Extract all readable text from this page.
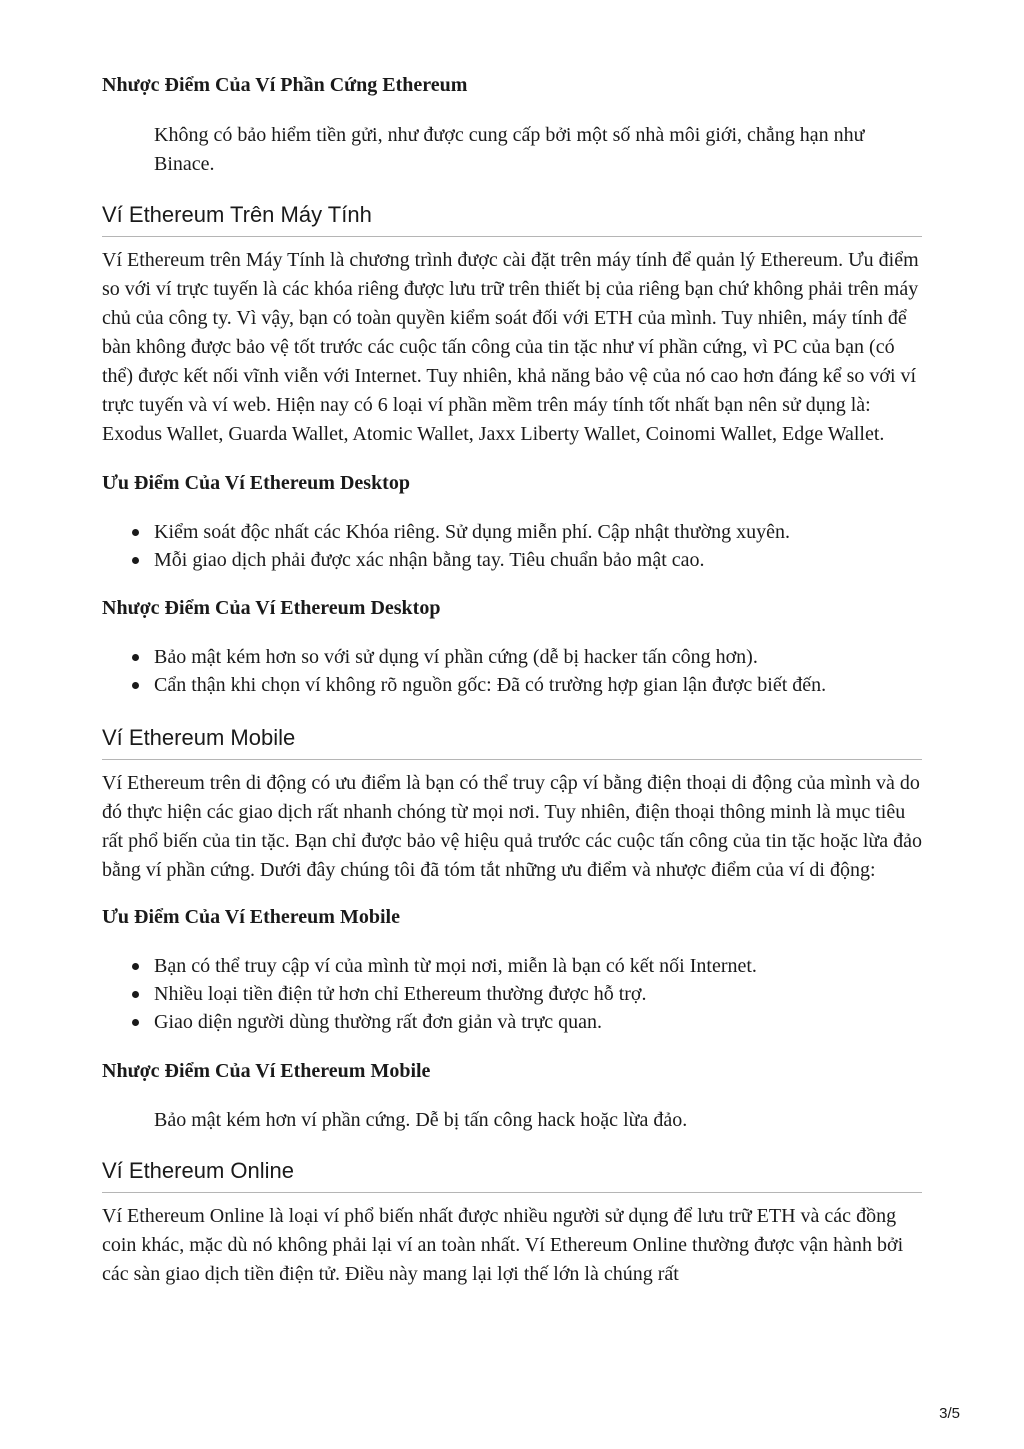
Nhược Điểm Của Ví Phần Cứng Ethereum

Không có bảo hiểm tiền gửi, như được cung cấp bởi một số nhà môi giới, chẳng hạn như Binace.

Ví Ethereum Trên Máy Tính

Ví Ethereum trên Máy Tính là chương trình được cài đặt trên máy tính để quản lý Ethereum. Ưu điểm so với ví trực tuyến là các khóa riêng được lưu trữ trên thiết bị của riêng bạn chứ không phải trên máy chủ của công ty. Vì vậy, bạn có toàn quyền kiểm soát đối với ETH của mình. Tuy nhiên, máy tính để bàn không được bảo vệ tốt trước các cuộc tấn công của tin tặc như ví phần cứng, vì PC của bạn (có thể) được kết nối vĩnh viễn với Internet. Tuy nhiên, khả năng bảo vệ của nó cao hơn đáng kể so với ví trực tuyến và ví web. Hiện nay có 6 loại ví phần mềm trên máy tính tốt nhất bạn nên sử dụng là: Exodus Wallet, Guarda Wallet, Atomic Wallet, Jaxx Liberty Wallet, Coinomi Wallet, Edge Wallet.

Ưu Điểm Của Ví Ethereum Desktop
Kiểm soát độc nhất các Khóa riêng. Sử dụng miễn phí. Cập nhật thường xuyên.
Mỗi giao dịch phải được xác nhận bằng tay. Tiêu chuẩn bảo mật cao.
Nhược Điểm Của Ví Ethereum Desktop
Bảo mật kém hơn so với sử dụng ví phần cứng (dễ bị hacker tấn công hơn).
Cẩn thận khi chọn ví không rõ nguồn gốc: Đã có trường hợp gian lận được biết đến.
Ví Ethereum Mobile

Ví Ethereum trên di động có ưu điểm là bạn có thể truy cập ví bằng điện thoại di động của mình và do đó thực hiện các giao dịch rất nhanh chóng từ mọi nơi. Tuy nhiên, điện thoại thông minh là mục tiêu rất phổ biến của tin tặc. Bạn chỉ được bảo vệ hiệu quả trước các cuộc tấn công của tin tặc hoặc lừa đảo bằng ví phần cứng. Dưới đây chúng tôi đã tóm tắt những ưu điểm và nhược điểm của ví di động:

Ưu Điểm Của Ví Ethereum Mobile
Bạn có thể truy cập ví của mình từ mọi nơi, miễn là bạn có kết nối Internet.
Nhiều loại tiền điện tử hơn chỉ Ethereum thường được hỗ trợ.
Giao diện người dùng thường rất đơn giản và trực quan.
Nhược Điểm Của Ví Ethereum Mobile

Bảo mật kém hơn ví phần cứng. Dễ bị tấn công hack hoặc lừa đảo.

Ví Ethereum Online

Ví Ethereum Online là loại ví phổ biến nhất được nhiều người sử dụng để lưu trữ ETH và các đồng coin khác, mặc dù nó không phải lại ví an toàn nhất. Ví Ethereum Online thường được vận hành bởi các sàn giao dịch tiền điện tử. Điều này mang lại lợi thế lớn là chúng rất

3/5
